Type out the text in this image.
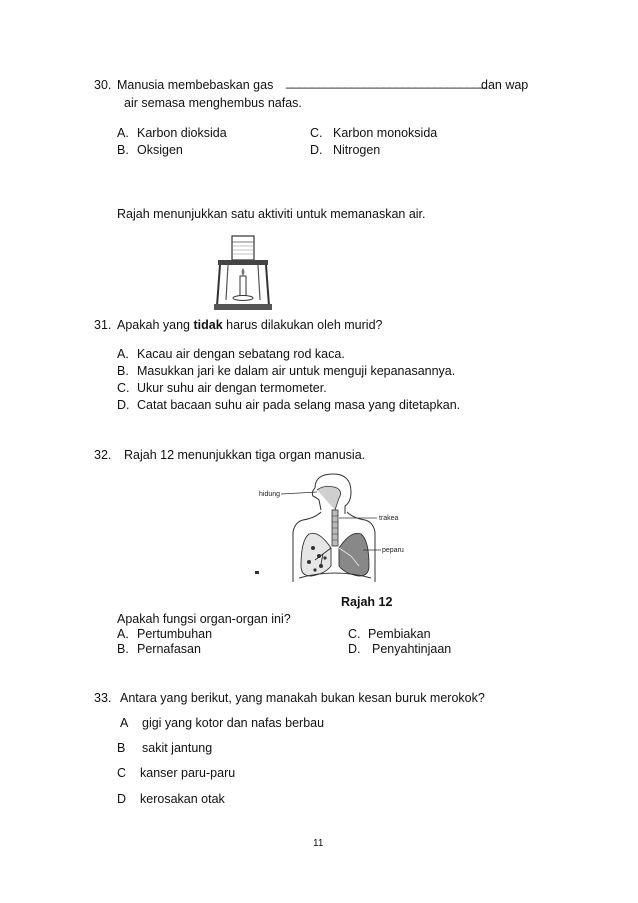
30. Manusia membebaskan gas _______________________________
dan wap
air semasa menghembus nafas.
A. Karbon dioksida
B. Oksigen
C. Karbon monoksida
D. Nitrogen
Rajah menunjukkan satu aktiviti untuk memanaskan air.
31. Apakah yang tidak harus dilakukan oleh murid?
A. Kacau air dengan sebatang rod kaca.
B. Masukkan jari ke dalam air untuk menguji kepanasannya.
C. Ukur suhu air dengan termometer.
D. Catat bacaan suhu air pada selang masa yang ditetapkan.
32. Rajah 12 menunjukkan tiga organ manusia.
hidung
trakea
peparu
Rajah 12
Apakah fungsi organ-organ ini?
A. Pertumbuhan
B. Pernafasan
C. Pembiakan
D. Penyahtinjaan
33. Antara yang berikut, yang manakah bukan kesan buruk merokok?
A gigi yang kotor dan nafas berbau
B sakit jantung
C kanser paru-paru
D kerosakan otak
11
